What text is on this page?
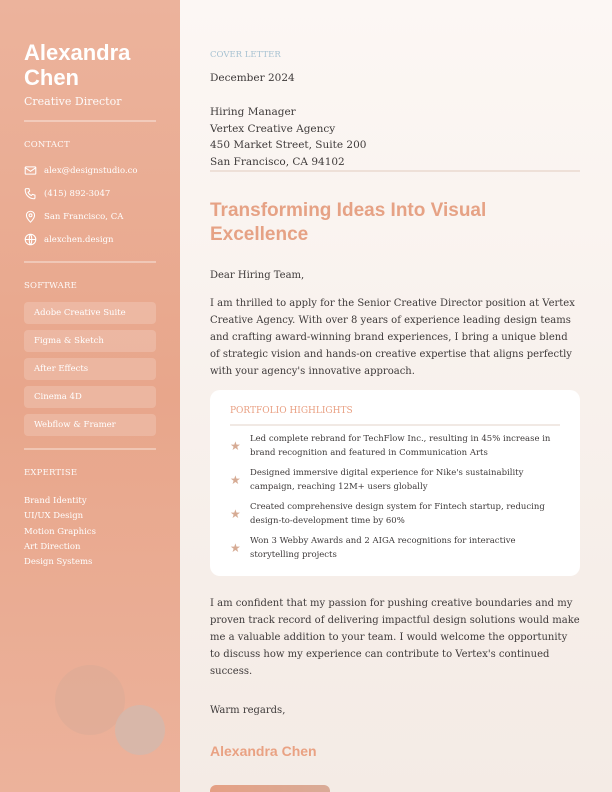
Alexandra
Chen
Creative Director
CONTACT
alex@designstudio.co
(415) 892-3047
San Francisco, CA
alexchen.design
SOFTWARE
Adobe Creative Suite
Figma & Sketch
After Effects
Cinema 4D
Webflow & Framer
EXPERTISE
Brand Identity
UI/UX Design
Motion Graphics
Art Direction
Design Systems
COVER LETTER
December 2024
Hiring Manager
Vertex Creative Agency
450 Market Street, Suite 200
San Francisco, CA 94102
Transforming Ideas Into Visual Excellence
Dear Hiring Team,

I am thrilled to apply for the Senior Creative Director position at Vertex Creative Agency. With over 8 years of experience leading design teams and crafting award-winning brand experiences, I bring a unique blend of strategic vision and hands-on creative expertise that aligns perfectly with your agency's innovative approach.

PORTFOLIO HIGHLIGHTS
★	Led complete rebrand for TechFlow Inc., resulting in 45% increase in brand recognition and featured in Communication Arts
★	Designed immersive digital experience for Nike's sustainability campaign, reaching 12M+ users globally
★	Created comprehensive design system for Fintech startup, reducing design-to-development time by 60%
★	Won 3 Webby Awards and 2 AIGA recognitions for interactive storytelling projects

I am confident that my passion for pushing creative boundaries and my proven track record of delivering impactful design solutions would make me a valuable addition to your team. I would welcome the opportunity to discuss how my experience can contribute to Vertex's continued success.

Warm regards,
Alexandra Chen
